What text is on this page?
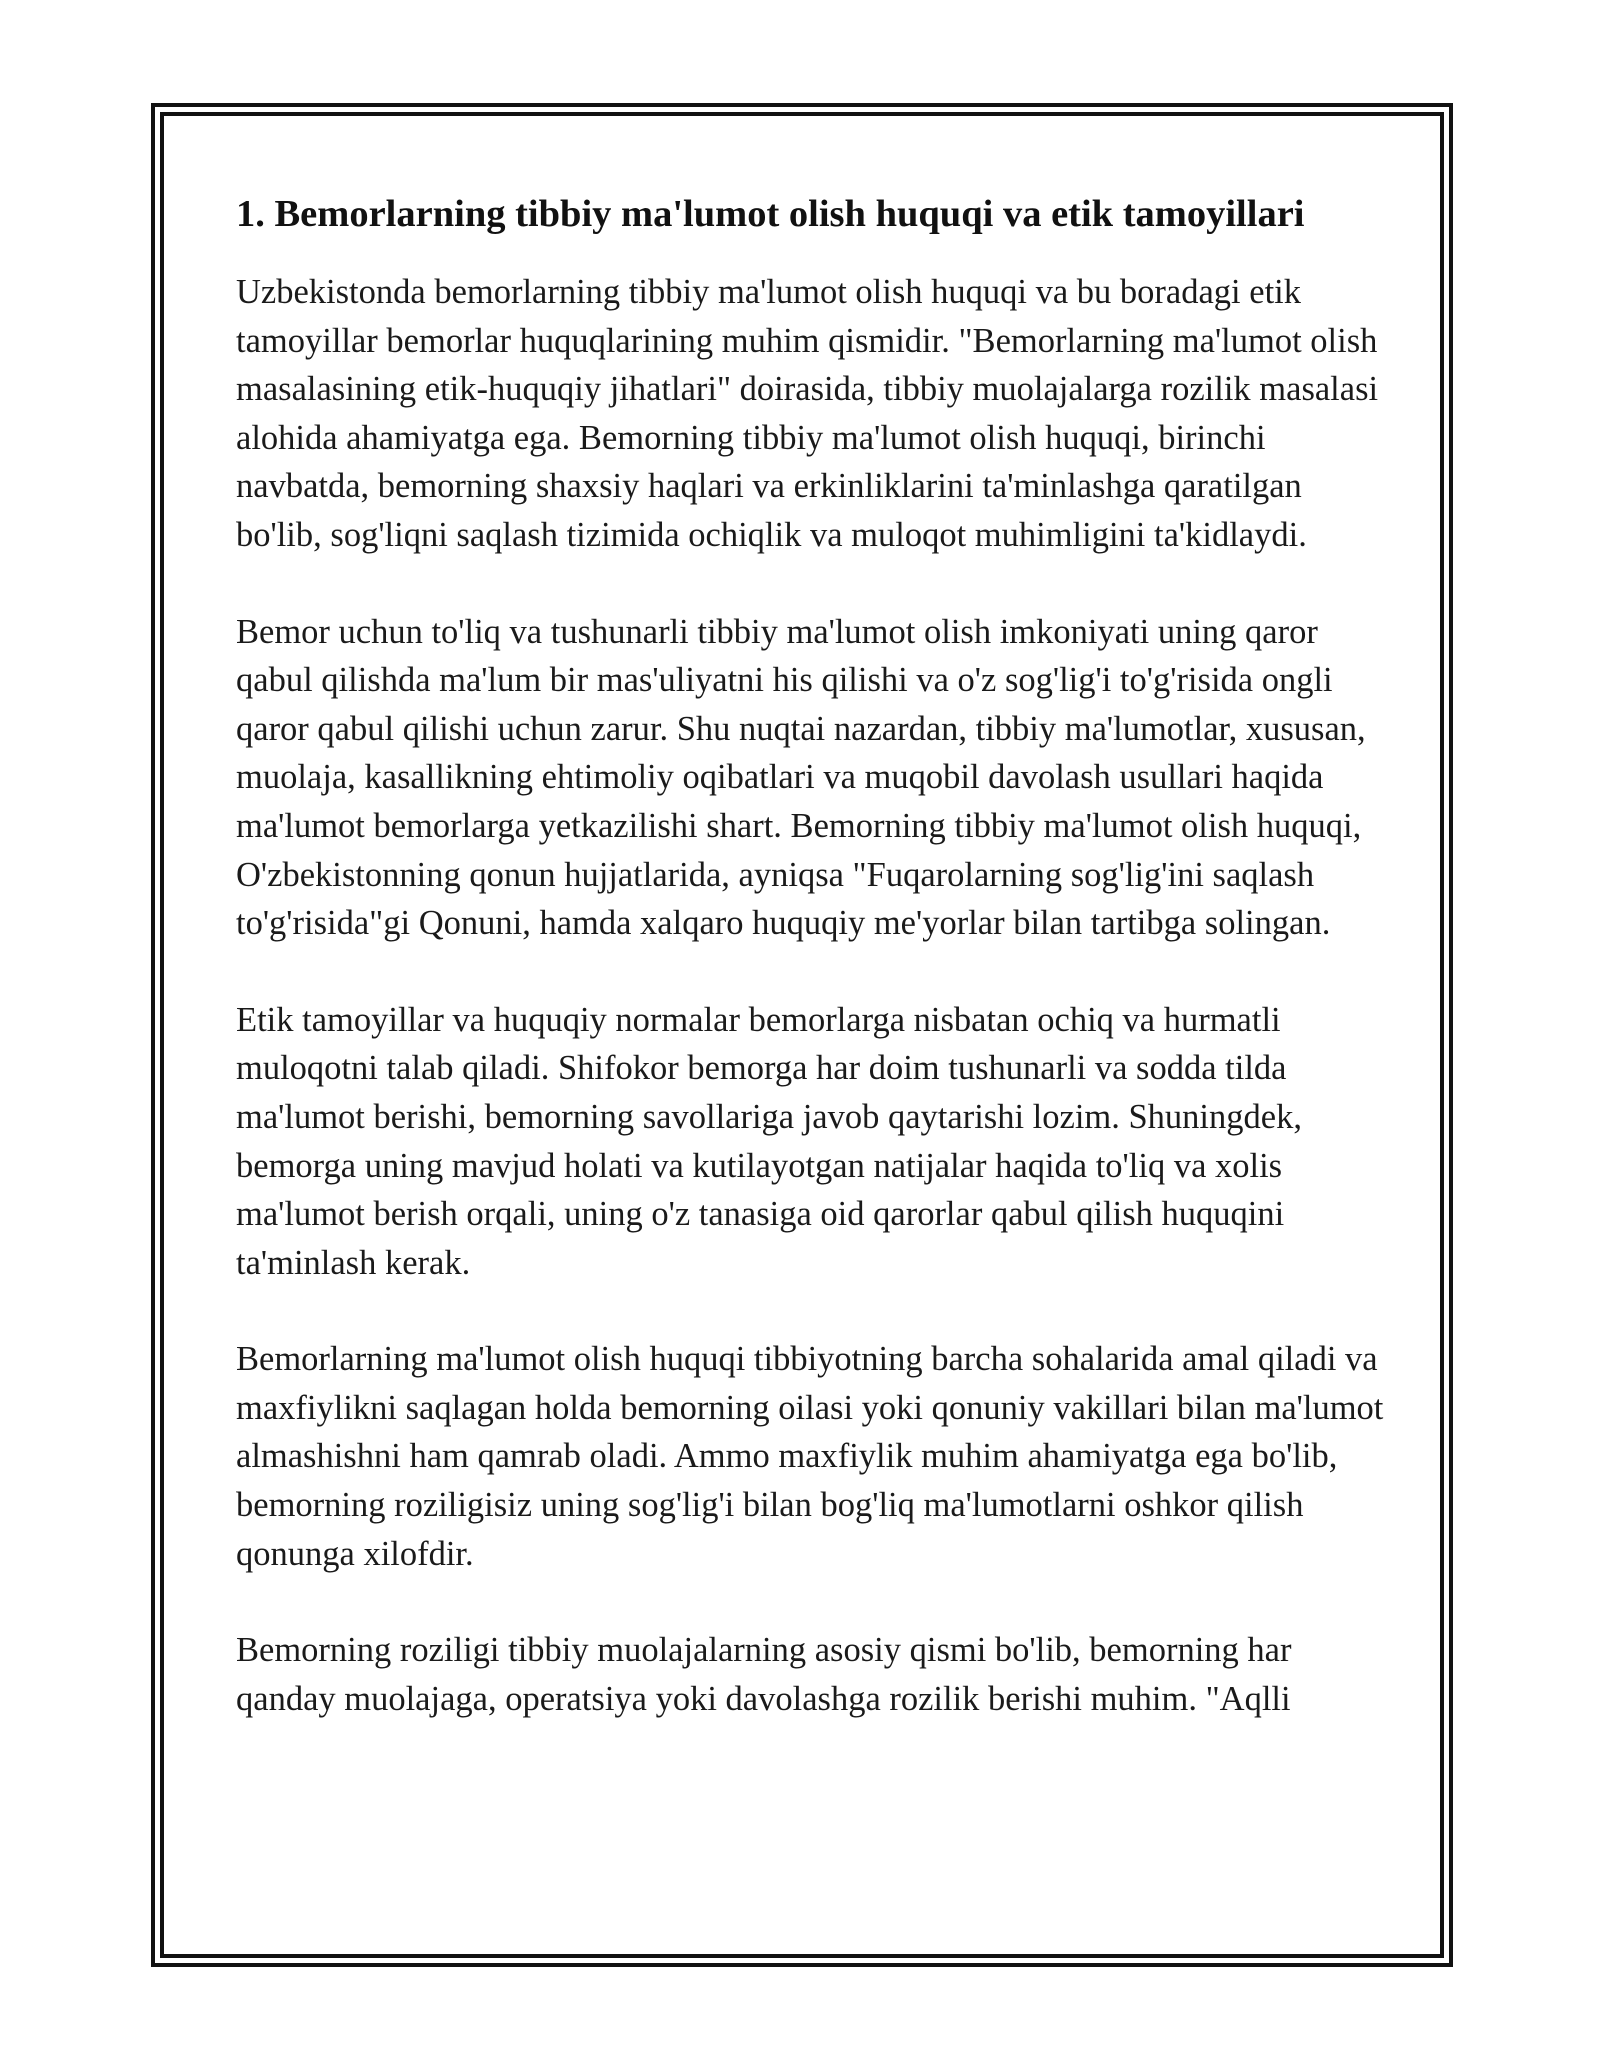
1. Bemorlarning tibbiy ma'lumot olish huquqi va etik tamoyillari

Uzbekistonda bemorlarning tibbiy ma'lumot olish huquqi va bu boradagi etik tamoyillar bemorlar huquqlarining muhim qismidir. "Bemorlarning ma'lumot olish masalasining etik-huquqiy jihatlari" doirasida, tibbiy muolajalarga rozilik masalasi alohida ahamiyatga ega. Bemorning tibbiy ma'lumot olish huquqi, birinchi navbatda, bemorning shaxsiy haqlari va erkinliklarini ta'minlashga qaratilgan bo'lib, sog'liqni saqlash tizimida ochiqlik va muloqot muhimligini ta'kidlaydi.

Bemor uchun to'liq va tushunarli tibbiy ma'lumot olish imkoniyati uning qaror qabul qilishda ma'lum bir mas'uliyatni his qilishi va o'z sog'lig'i to'g'risida ongli qaror qabul qilishi uchun zarur. Shu nuqtai nazardan, tibbiy ma'lumotlar, xususan, muolaja, kasallikning ehtimoliy oqibatlari va muqobil davolash usullari haqida ma'lumot bemorlarga yetkazilishi shart. Bemorning tibbiy ma'lumot olish huquqi, O'zbekistonning qonun hujjatlarida, ayniqsa "Fuqarolarning sog'lig'ini saqlash to'g'risida"gi Qonuni, hamda xalqaro huquqiy me'yorlar bilan tartibga solingan.

Etik tamoyillar va huquqiy normalar bemorlarga nisbatan ochiq va hurmatli muloqotni talab qiladi. Shifokor bemorga har doim tushunarli va sodda tilda ma'lumot berishi, bemorning savollariga javob qaytarishi lozim. Shuningdek, bemorga uning mavjud holati va kutilayotgan natijalar haqida to'liq va xolis ma'lumot berish orqali, uning o'z tanasiga oid qarorlar qabul qilish huquqini ta'minlash kerak.

Bemorlarning ma'lumot olish huquqi tibbiyotning barcha sohalarida amal qiladi va maxfiylikni saqlagan holda bemorning oilasi yoki qonuniy vakillari bilan ma'lumot almashishni ham qamrab oladi. Ammo maxfiylik muhim ahamiyatga ega bo'lib, bemorning roziligisiz uning sog'lig'i bilan bog'liq ma'lumotlarni oshkor qilish qonunga xilofdir.

Bemorning roziligi tibbiy muolajalarning asosiy qismi bo'lib, bemorning har qanday muolajaga, operatsiya yoki davolashga rozilik berishi muhim. "Aqlli
